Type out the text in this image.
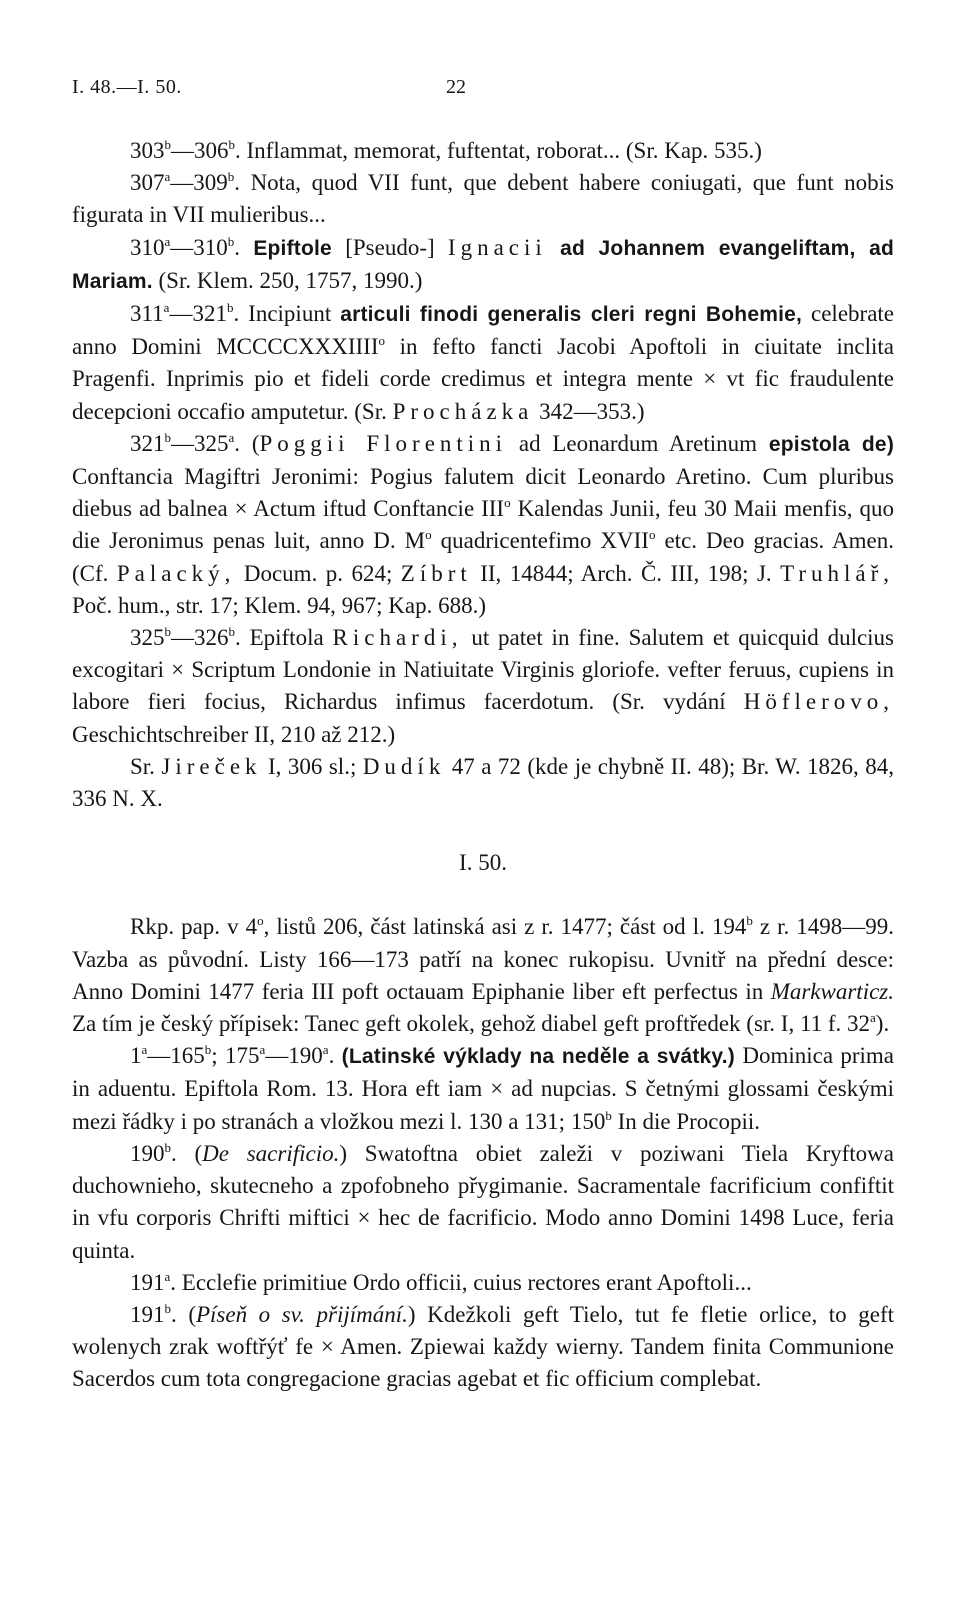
I. 48.—I. 50.	22

303$^b$—306$^b$. Inflammat, memorat, fuftentat, roborat... (Sr. Kap. 535.)

307$^a$—309$^b$. Nota, quod VII funt, que debent habere coniugati, que funt nobis figurata in VII mulieribus...

310$^a$—310$^b$. Epiftole [Pseudo-] Ignacii ad Johannem evangeliftam, ad Mariam. (Sr. Klem. 250, 1757, 1990.)

311$^a$—321$^b$. Incipiunt articuli finodi generalis cleri regni Bohemie, celebrate anno Domini MCCCCXXXIIII$^o$ in fefto fancti Jacobi Apoftoli in ciuitate inclita Pragenfi. Inprimis pio et fideli corde credimus et integra mente × vt fic fraudulente decepcioni occafio amputetur. (Sr. Procházka 342—353.)

321$^b$—325$^a$. (Poggii Florentini ad Leonardum Aretinum epistola de) Conftancia Magiftri Jeronimi: Pogius falutem dicit Leonardo Aretino. Cum pluribus diebus ad balnea × Actum iftud Conftancie III$^o$ Kalendas Junii, feu 30 Maii menfis, quo die Jeronimus penas luit, anno D. $M^o$ quadricentefimo XVII$^o$ etc. Deo gracias. Amen. (Cf. Palacký, Docum. p. 624; Zíbrt II, 14844; Arch. Č. III, 198; J. Truhlář, Poč. hum., str. 17; Klem. 94, 967; Kap. 688.)

325$^b$—326$^b$. Epiftola Richardi, ut patet in fine. Salutem et quicquid dulcius excogitari × Scriptum Londonie in Natiuitate Virginis gloriofe. vefter feruus, cupiens in labore fieri focius, Richardus infimus facerdotum. (Sr. vydání Höflerovo, Geschichtschreiber II, 210 až 212.)

Sr. Jireček I, 306 sl.; Dudík 47 a 72 (kde je chybně II. 48); Br. W. 1826, 84, 336 N. X.

I. 50.

Rkp. pap. v 4$^o$, listů 206, část latinská asi z r. 1477; část od l. 194$^b$ z r. 1498—99. Vazba as původní. Listy 166—173 patří na konec rukopisu. Uvnitř na přední desce: Anno Domini 1477 feria III poft octauam Epiphanie liber eft perfectus in Markwarticz. Za tím je český přípisek: Tanec geft okolek, gehož diabel geft proftředek (sr. I, 11 f. 32$^a$).

1$^a$—165$^b$; 175$^a$—190$^a$. (Latinské výklady na neděle a svátky.) Dominica prima in aduentu. Epiftola Rom. 13. Hora eft iam × ad nupcias. S četnými glossami českými mezi řádky i po stranách a vložkou mezi l. 130 a 131; 150$^b$ In die Procopii.

190$^b$. (De sacrificio.) Swatoftna obiet zaleži v poziwani Tiela Kryftowa duchownieho, skutecneho a zpofobneho přygimanie. Sacramentale facrificium confiftit in vfu corporis Chrifti miftici × hec de facrificio. Modo anno Domini 1498 Luce, feria quinta.

191$^a$. Ecclefie primitiue Ordo officii, cuius rectores erant Apoftoli...

191$^b$. (Píseň o sv. přijímání.) Kdežkoli geft Tielo, tut fe fletie orlice, to geft wolenych zrak woftřýť fe × Amen. Zpiewai každy wierny. Tandem finita Communione Sacerdos cum tota congregacione gracias agebat et fic officium complebat.
